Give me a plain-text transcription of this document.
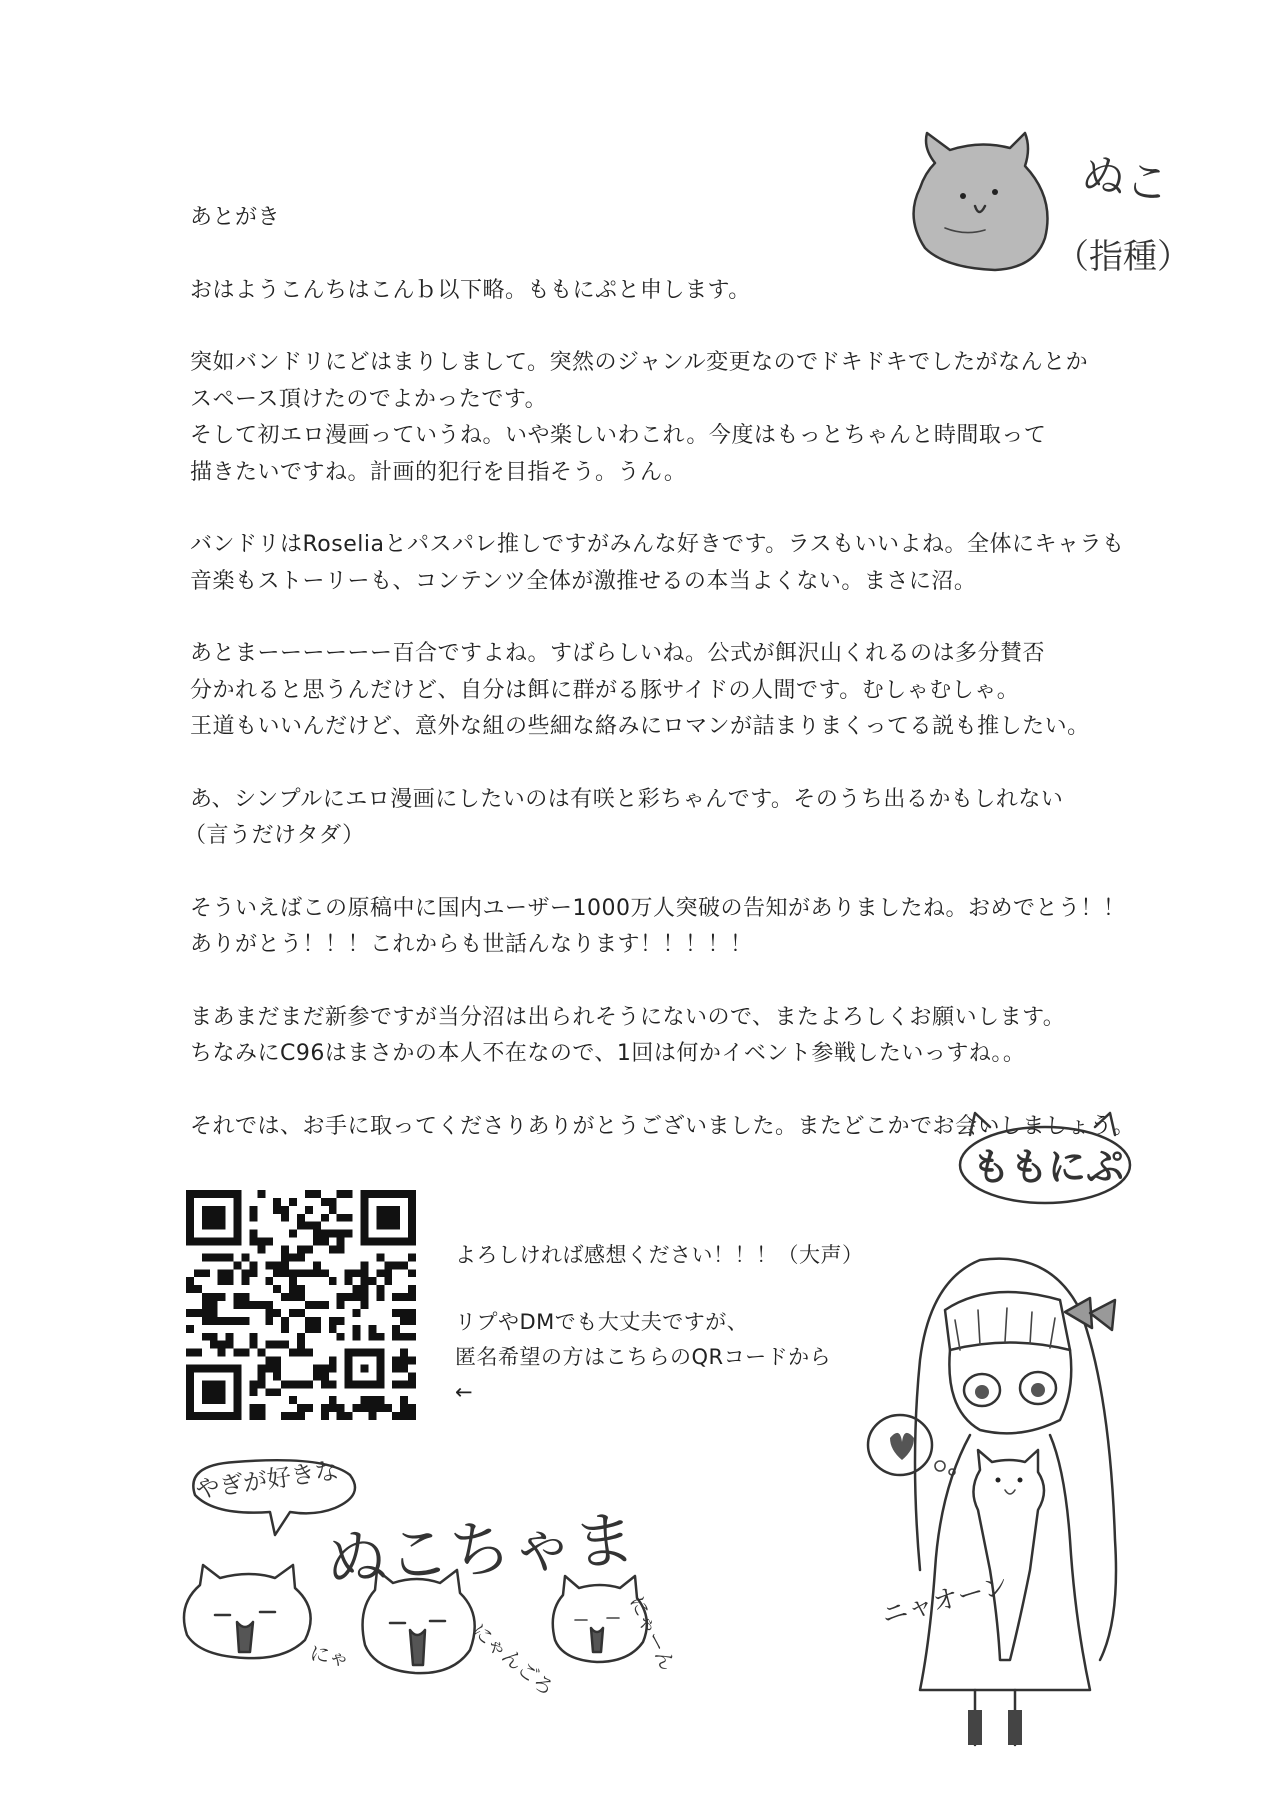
あとがき

おはようこんちはこんｂ以下略。ももにぷと申します。

突如バンドリにどはまりしまして。突然のジャンル変更なのでドキドキでしたがなんとか
スペース頂けたのでよかったです。
そして初エロ漫画っていうね。いや楽しいわこれ。今度はもっとちゃんと時間取って
描きたいですね。計画的犯行を目指そう。うん。

バンドリはRoseliaとパスパレ推しですがみんな好きです。ラスもいいよね。全体にキャラも
音楽もストーリーも、コンテンツ全体が激推せるの本当よくない。まさに沼。

あとまーーーーーー百合ですよね。すばらしいね。公式が餌沢山くれるのは多分賛否
分かれると思うんだけど、自分は餌に群がる豚サイドの人間です。むしゃむしゃ。
王道もいいんだけど、意外な組の些細な絡みにロマンが詰まりまくってる説も推したい。

あ、シンプルにエロ漫画にしたいのは有咲と彩ちゃんです。そのうち出るかもしれない
（言うだけタダ）

そういえばこの原稿中に国内ユーザー1000万人突破の告知がありましたね。おめでとう！！
ありがとう！！！これからも世話んなります！！！！！

まあまだまだ新参ですが当分沼は出られそうにないので、またよろしくお願いします。
ちなみにC96はまさかの本人不在なので、1回は何かイベント参戦したいっすね。。

それでは、お手に取ってくださりありがとうございました。またどこかでお会いしましょう。

ぬこ
（指種）
ももにぷ

よろしければ感想ください！！！（大声）

リプやDMでも大丈夫ですが、
匿名希望の方はこちらのQRコードから
←
やぎが好きな
ぬこちゃま
にゃ	にゃんごろ	にゃーん	ニャオーン
